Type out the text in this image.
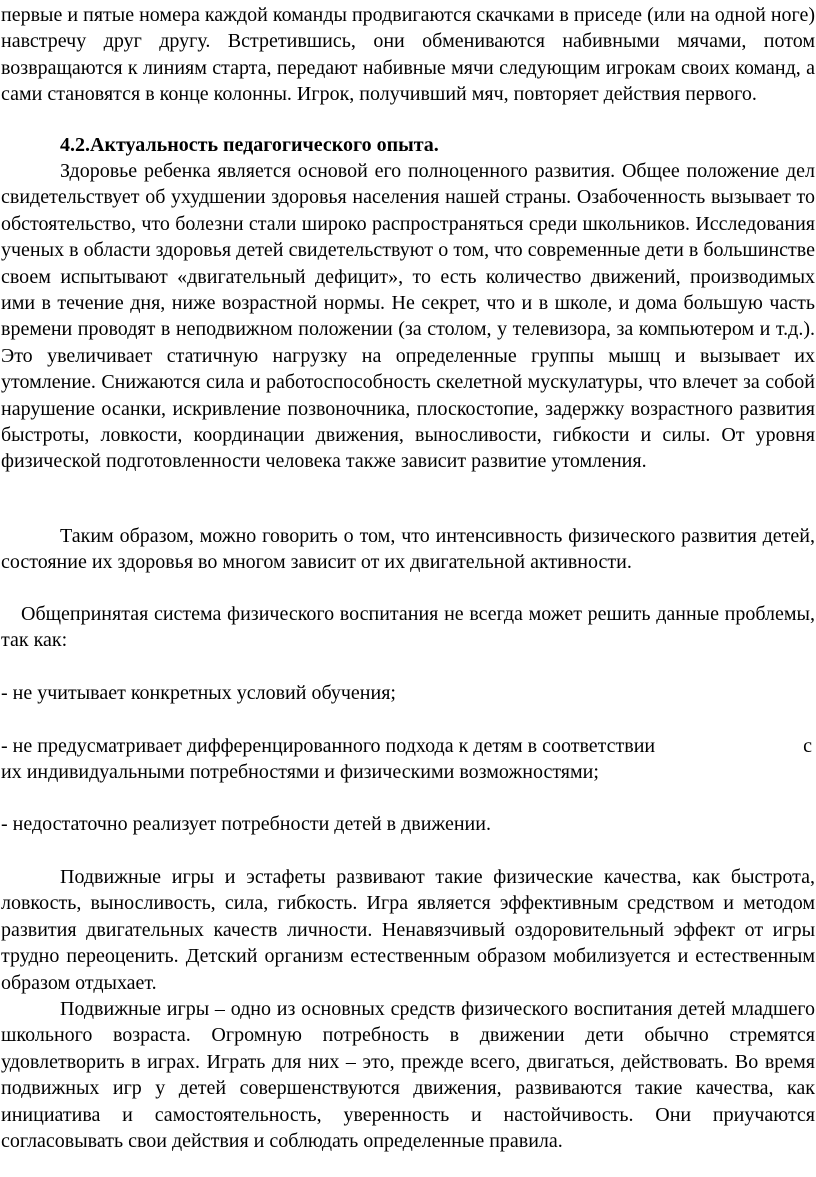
первые и пятые номера каждой команды продвигаются скачками в приседе (или на одной ноге) навстречу друг другу. Встретившись, они обмениваются набивными мячами, потом возвращаются к линиям старта, передают набивные мячи следующим игрокам своих команд, а сами становятся в конце колонны. Игрок, получивший мяч, повторяет действия первого.

4.2.Актуальность педагогического опыта.

Здоровье ребенка является основой его полноценного развития. Общее положение дел свидетельствует об ухудшении здоровья населения нашей страны. Озабоченность вызывает то обстоятельство, что болезни стали широко распространяться среди школьников. Исследования ученых в области здоровья детей свидетельствуют о том, что современные дети в большинстве своем испытывают «двигательный дефицит», то есть количество движений, производимых ими в течение дня, ниже возрастной нормы. Не секрет, что и в школе, и дома большую часть времени проводят в неподвижном положении (за столом, у телевизора, за компьютером и т.д.). Это увеличивает статичную нагрузку на определенные группы мышц и вызывает их утомление. Снижаются сила и работоспособность скелетной мускулатуры, что влечет за собой нарушение осанки, искривление позвоночника, плоскостопие, задержку возрастного развития быстроты, ловкости, координации движения, выносливости, гибкости и силы. От уровня физической подготовленности человека также зависит развитие утомления.

Таким образом, можно говорить о том, что интенсивность физического развития детей, состояние их здоровья во многом зависит от их двигательной активности.

Общепринятая система физического воспитания не всегда может решить данные проблемы, так как:

- не учитывает конкретных условий обучения;

- не предусматривает дифференцированного подхода к детям в соответствии	с
их индивидуальными потребностями и физическими возможностями;

- недостаточно реализует потребности детей в движении.

Подвижные игры и эстафеты развивают такие физические качества, как быстрота, ловкость, выносливость, сила, гибкость. Игра является эффективным средством и методом развития двигательных качеств личности. Ненавязчивый оздоровительный эффект от игры трудно переоценить. Детский организм естественным образом мобилизуется и естественным образом отдыхает.

Подвижные игры – одно из основных средств физического воспитания детей младшего школьного возраста. Огромную потребность в движении дети обычно стремятся удовлетворить в играх. Играть для них – это, прежде всего, двигаться, действовать. Во время подвижных игр у детей совершенствуются движения, развиваются такие качества, как инициатива и самостоятельность, уверенность и настойчивость. Они приучаются согласовывать свои действия и соблюдать определенные правила.
